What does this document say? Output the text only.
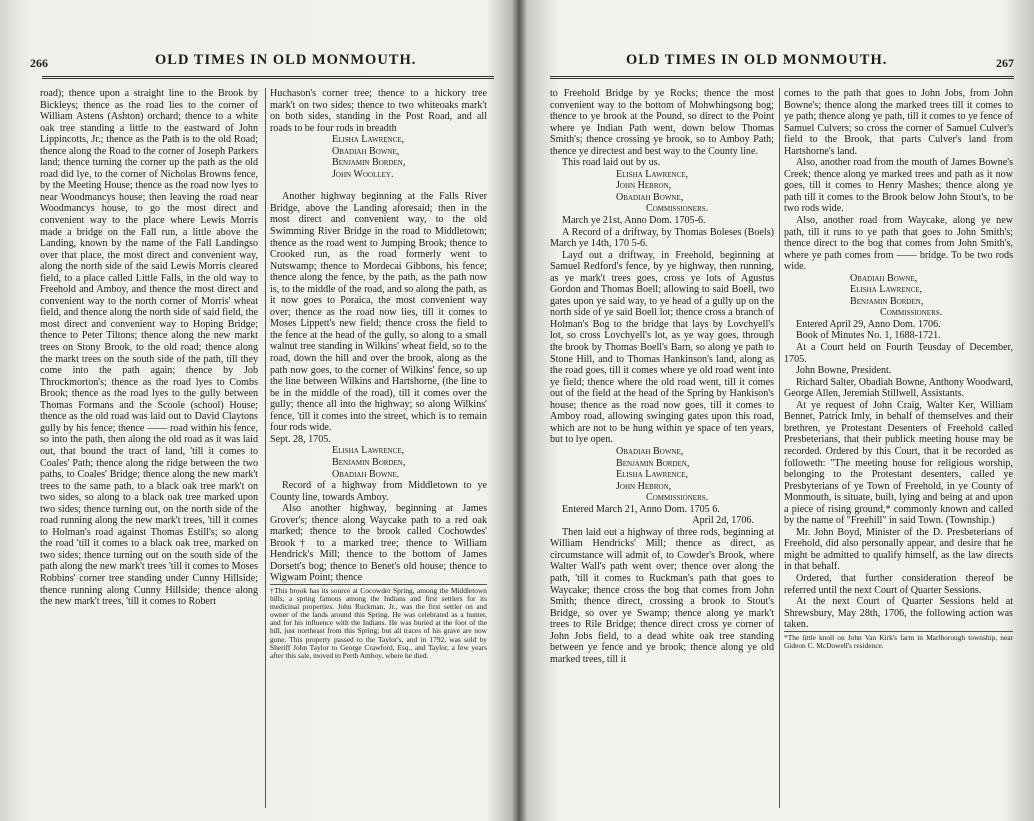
266	OLD TIMES IN OLD MONMOUTH.

road); thence upon a straight line to the Brook by Bickleys; thence as the road lies to the corner of William Astens (Ashton) orchard; thence to a white oak tree standing a little to the eastward of John Lippincotts, Jr.; thence as the Path is to the old Road; thence along the Road to the corner of Joseph Parkers land; thence turning the corner up the path as the old road did lye, to the corner of Nicholas Browns fence, by the Meeting House; thence as the road now lyes to near Woodmancys house; then leaving the road near Woodmancys house, to go the most direct and convenient way to the place where Lewis Morris made a bridge on the Fall run, a little above the Landing, known by the name of the Fall Landingso over that place, the most direct and convenient way, along the north side of the said Lewis Morris cleared field, to a place called Little Falls, in the old way to Freehold and Amboy, and thence the most direct and convenient way to the north corner of Morris' wheat field, and thence along the north side of said field, the most direct and convenient way to Hoping Bridge; thence to Peter Tiltons; thence along the new markt trees on Stony Brook, to the old road; thence along the markt trees on the south side of the path, till they come into the path again; thence by Job Throckmorton's; thence as the road lyes to Combs Brook; thence as the road lyes to the gully between Thomas Formans and the Scoole (school) House; thence as the old road was laid out to David Claytons gully by his fence; thence —— road within his fence, so into the path, then along the old road as it was laid out, that bound the tract of land, 'till it comes to Coales' Path; thence along the ridge between the two paths, to Coales' Bridge; thence along the new mark't trees to the same path, to a black oak tree mark't on two sides, so along to a black oak tree marked upon two sides; thence turning out, on the north side of the road running along the new mark't trees, 'till it comes to Holman's road against Thomas Estill's; so along the road 'till it comes to a black oak tree, marked on two sides; thence turning out on the south side of the path along the new mark't trees 'till it comes to Moses Robbins' corner tree standing under Cunny Hillside; thence running along Cunny Hillside; thence along the new mark't trees, 'till it comes to Robert

Huchason's corner tree; thence to a hickory tree mark't on two sides; thence to two whiteoaks mark't on both sides, standing in the Post Road, and all roads to be four rods in breadth

Elisha Lawrence,
Obadiah Bowne,
Benjamin Borden,
John Woolley.

Another highway beginning at the Falls River Bridge, above the Landing aforesaid; then in the most direct and convenient way, to the old Swimming River Bridge in the road to Middletown; thence as the road went to Jumping Brook; thence to Crooked run, as the road formerly went to Nutswamp; thence to Mordecai Gibbons, his fence; thence along the fence, by the path, as the path now is, to the middle of the road, and so along the path, as it now goes to Poraica, the most convenient way over; thence as the road now lies, till it comes to Moses Lippett's new field; thence cross the field to the fence at the head of the gully, so along to a small walnut tree standing in Wilkins' wheat field, so to the road, down the hill and over the brook, along as the path now goes, to the corner of Wilkins' fence, so up the line between Wilkins and Hartshorne, (the line to be in the middle of the road), till it comes over the gully; thence all into the highway; so along Wilkins' fence, 'till it comes into the street, which is to remain four rods wide.

Sept. 28, 1705.

Elisha Lawrence,
Benjamin Borden,
Obadiah Bowne.

Record of a highway from Middletown to ye County line, towards Amboy.

Also another highway, beginning at James Grover's; thence along Waycake path to a red oak marked; thence to the brook called Cochowdes' Brook† to a marked tree; thence to William Hendrick's Mill; thence to the bottom of James Dorsett's bog; thence to Benet's old house; thence to Wigwam Point; thence

†This brook has its source at Cocowder Spring, among the Middletown hills, a spring famous among the Indians and first settlers for its medicinal properties. John Ruckman, Jr., was the first settler on and owner of the lands around this Spring. He was celebrated as a hunter, and for his influence with the Indians. He was buried at the foot of the hill, just northeast from this Spring; but all traces of his grave are now gone. This property passed to the Taylor's, and in 1792, was sold by Sheriff John Taylor to George Crawford, Esq., and Taylor, a few years after this sale, moved to Perth Amboy, where he died.

OLD TIMES IN OLD MONMOUTH.	267

to Freehold Bridge by ye Rocks; thence the most convenient way to the bottom of Mohwhingsong bog; thence to ye brook at the Pound, so direct to the Point where ye Indian Path went, down below Thomas Smith's; thence crossing ye brook, so to Amboy Path; thence ye directest and best way to the County line.

This road laid out by us.

Elisha Lawrence,
John Hebron,
Obadiah Bowne,
Commissioners.

March ye 21st, Anno Dom. 1705-6.

A Record of a driftway, by Thomas Boleses (Boels) March ye 14th, 170 5-6.

Layd out a driftway, in Freehold, beginning at Samuel Redford's fence, by ye highway, then running, as ye mark't trees goes, cross ye lots of Agustus Gordon and Thomas Boell; allowing to said Boell, two gates upon ye said way, to ye head of a gully up on the north side of ye said Boell lot; thence cross a branch of Holman's Bog to the bridge that lays by Lovchyell's lot, so cross Lovchyell's lot, as ye way goes, through the brook by Thomas Boell's Barn, so along ye path to Stone Hill, and to Thomas Hankinson's land, along as the road goes, till it comes where ye old road went into ye field; thence where the old road went, till it comes out of the field at the head of the Spring by Hankison's house; thence as the road now goes, till it comes to Amboy road, allowing swinging gates upon this road, which are not to be hung within ye space of ten years, but to lye open.

Obadiah Bowne,
Benjamin Borden,
Elisha Lawrence,
John Hebron,
Commissioners.

Entered March 21, Anno Dom. 1705 6.

April 2d, 1706.

Then laid out a highway of three rods, beginning at William Hendricks' Mill; thence as direct, as circumstance will admit of, to Cowder's Brook, where Walter Wall's path went over; thence over along the path, 'till it comes to Ruckman's path that goes to Waycake; thence cross the bog that comes from John Smith; thence direct, crossing a brook to Stout's Bridge, so over ye Swamp; thence along ye mark't trees to Rile Bridge; thence direct cross ye corner of John Jobs field, to a dead white oak tree standing between ye fence and ye brook; thence along ye old marked trees, till it

comes to the path that goes to John Jobs, from John Bowne's; thence along the marked trees till it comes to ye path; thence along ye path, till it comes to ye fence of Samuel Culvers; so cross the corner of Samuel Culver's field to the Brook, that parts Culver's land from Hartshorne's land.

Also, another road from the mouth of James Bowne's Creek; thence along ye marked trees and path as it now goes, till it comes to Henry Mashes; thence along ye path till it comes to the Brook below John Stout's, to be two rods wide.

Also, another road from Waycake, along ye new path, till it runs to ye path that goes to John Smith's; thence direct to the bog that comes from John Smith's, where ye path comes from —— bridge. To be two rods wide.

Obadiah Bowne,
Elisha Lawrence,
Benjamin Borden,
Commissioners.

Entered April 29, Anno Dom. 1706.

Book of Minutes No. 1, 1688-1721.

At a Court held on Fourth Teusday of December, 1705.

John Bowne, President.

Richard Salter, Obadiah Bowne, Anthony Woodward, George Allen, Jeremiah Stillwell, Assistants.

At ye request of John Craig, Walter Ker, William Bennet, Patrick Imly, in behalf of themselves and their brethren, ye Protestant Desenters of Freehold called Presbeterians, that their publick meeting house may be recorded. Ordered by this Court, that it be recorded as followeth: "The meeting house for religious worship, belonging to the Protestant desenters, called ye Presbyterians of ye Town of Freehold, in ye County of Monmouth, is situate, built, lying and being at and upon a piece of rising ground,* commonly known and called by the name of "Freehill" in said Town. (Township.)

Mr. John Boyd, Minister of the D. Presbeterians of Freehold, did also personally appear, and desire that he might be admitted to qualify himself, as the law directs in that behalf.

Ordered, that further consideration thereof be referred until the next Court of Quarter Sessions.

At the next Court of Quarter Sessions held at Shrewsbury, May 28th, 1706, the following action was taken.

*The little knoll on John Van Kirk's farm in Marlborough township, near Gideon C. McDowell's residence.
